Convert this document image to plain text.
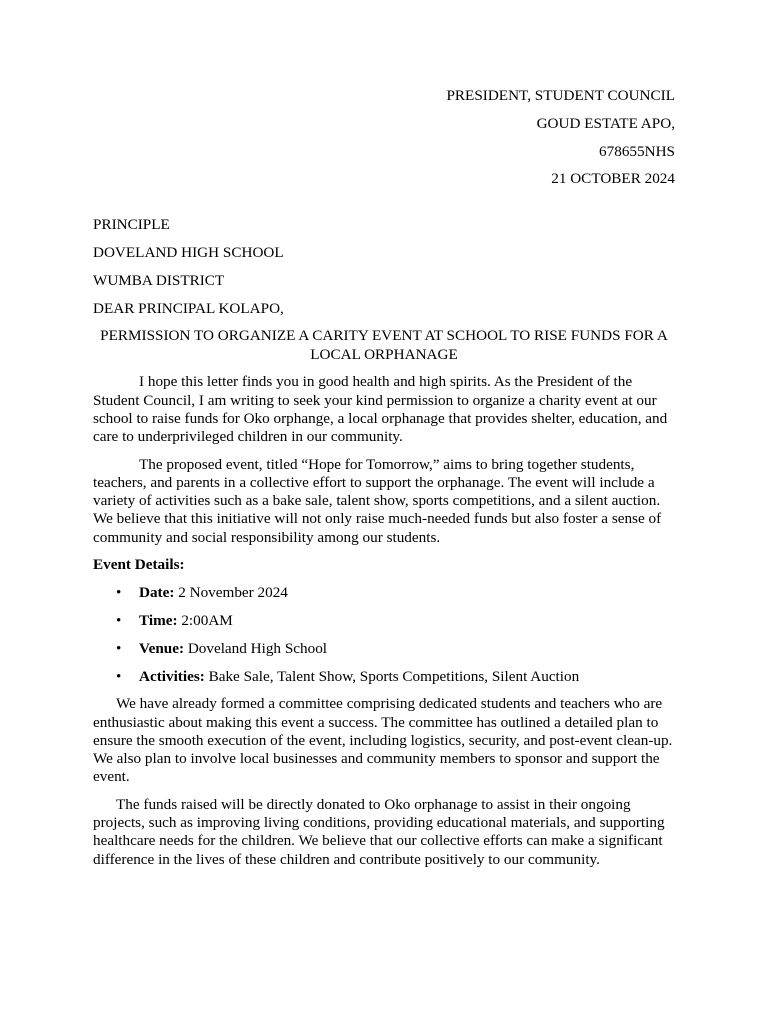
PRESIDENT, STUDENT COUNCIL

GOUD ESTATE APO,

678655NHS

21 OCTOBER 2024

PRINCIPLE

DOVELAND HIGH SCHOOL

WUMBA DISTRICT

DEAR PRINCIPAL KOLAPO,

PERMISSION TO ORGANIZE A CARITY EVENT AT SCHOOL TO RISE FUNDS FOR A LOCAL ORPHANAGE

I hope this letter finds you in good health and high spirits. As the President of the Student Council, I am writing to seek your kind permission to organize a charity event at our school to raise funds for Oko orphange, a local orphanage that provides shelter, education, and care to underprivileged children in our community.

The proposed event, titled “Hope for Tomorrow,” aims to bring together students, teachers, and parents in a collective effort to support the orphanage. The event will include a variety of activities such as a bake sale, talent show, sports competitions, and a silent auction. We believe that this initiative will not only raise much-needed funds but also foster a sense of community and social responsibility among our students.

Event Details:

• Date: 2 November 2024
• Time: 2:00AM
• Venue: Doveland High School
• Activities: Bake Sale, Talent Show, Sports Competitions, Silent Auction

We have already formed a committee comprising dedicated students and teachers who are enthusiastic about making this event a success. The committee has outlined a detailed plan to ensure the smooth execution of the event, including logistics, security, and post-event clean-up. We also plan to involve local businesses and community members to sponsor and support the event.

The funds raised will be directly donated to Oko orphanage to assist in their ongoing projects, such as improving living conditions, providing educational materials, and supporting healthcare needs for the children. We believe that our collective efforts can make a significant difference in the lives of these children and contribute positively to our community.
